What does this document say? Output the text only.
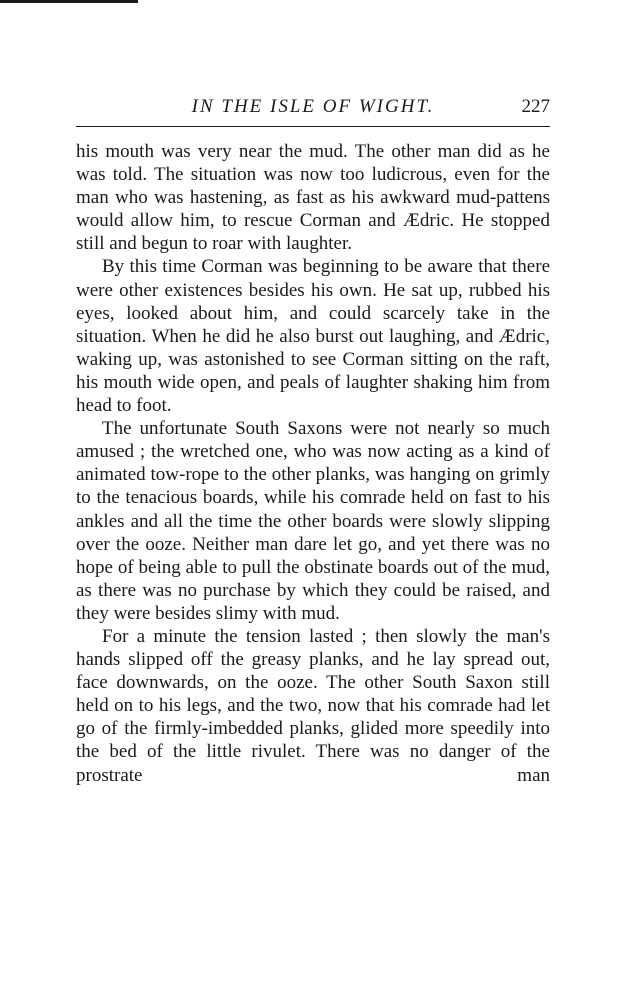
IN THE ISLE OF WIGHT.	227

his mouth was very near the mud. The other man did as he was told. The situation was now too ludicrous, even for the man who was hastening, as fast as his awkward mud-pattens would allow him, to rescue Corman and Ædric. He stopped still and begun to roar with laughter.

By this time Corman was beginning to be aware that there were other existences besides his own. He sat up, rubbed his eyes, looked about him, and could scarcely take in the situation. When he did he also burst out laughing, and Ædric, waking up, was astonished to see Corman sitting on the raft, his mouth wide open, and peals of laughter shaking him from head to foot.

The unfortunate South Saxons were not nearly so much amused ; the wretched one, who was now acting as a kind of animated tow-rope to the other planks, was hanging on grimly to the tenacious boards, while his comrade held on fast to his ankles and all the time the other boards were slowly slipping over the ooze. Neither man dare let go, and yet there was no hope of being able to pull the obstinate boards out of the mud, as there was no purchase by which they could be raised, and they were besides slimy with mud.

For a minute the tension lasted ; then slowly the man's hands slipped off the greasy planks, and he lay spread out, face downwards, on the ooze. The other South Saxon still held on to his legs, and the two, now that his comrade had let go of the firmly-imbedded planks, glided more speedily into the bed of the little rivulet. There was no danger of the prostrate man
